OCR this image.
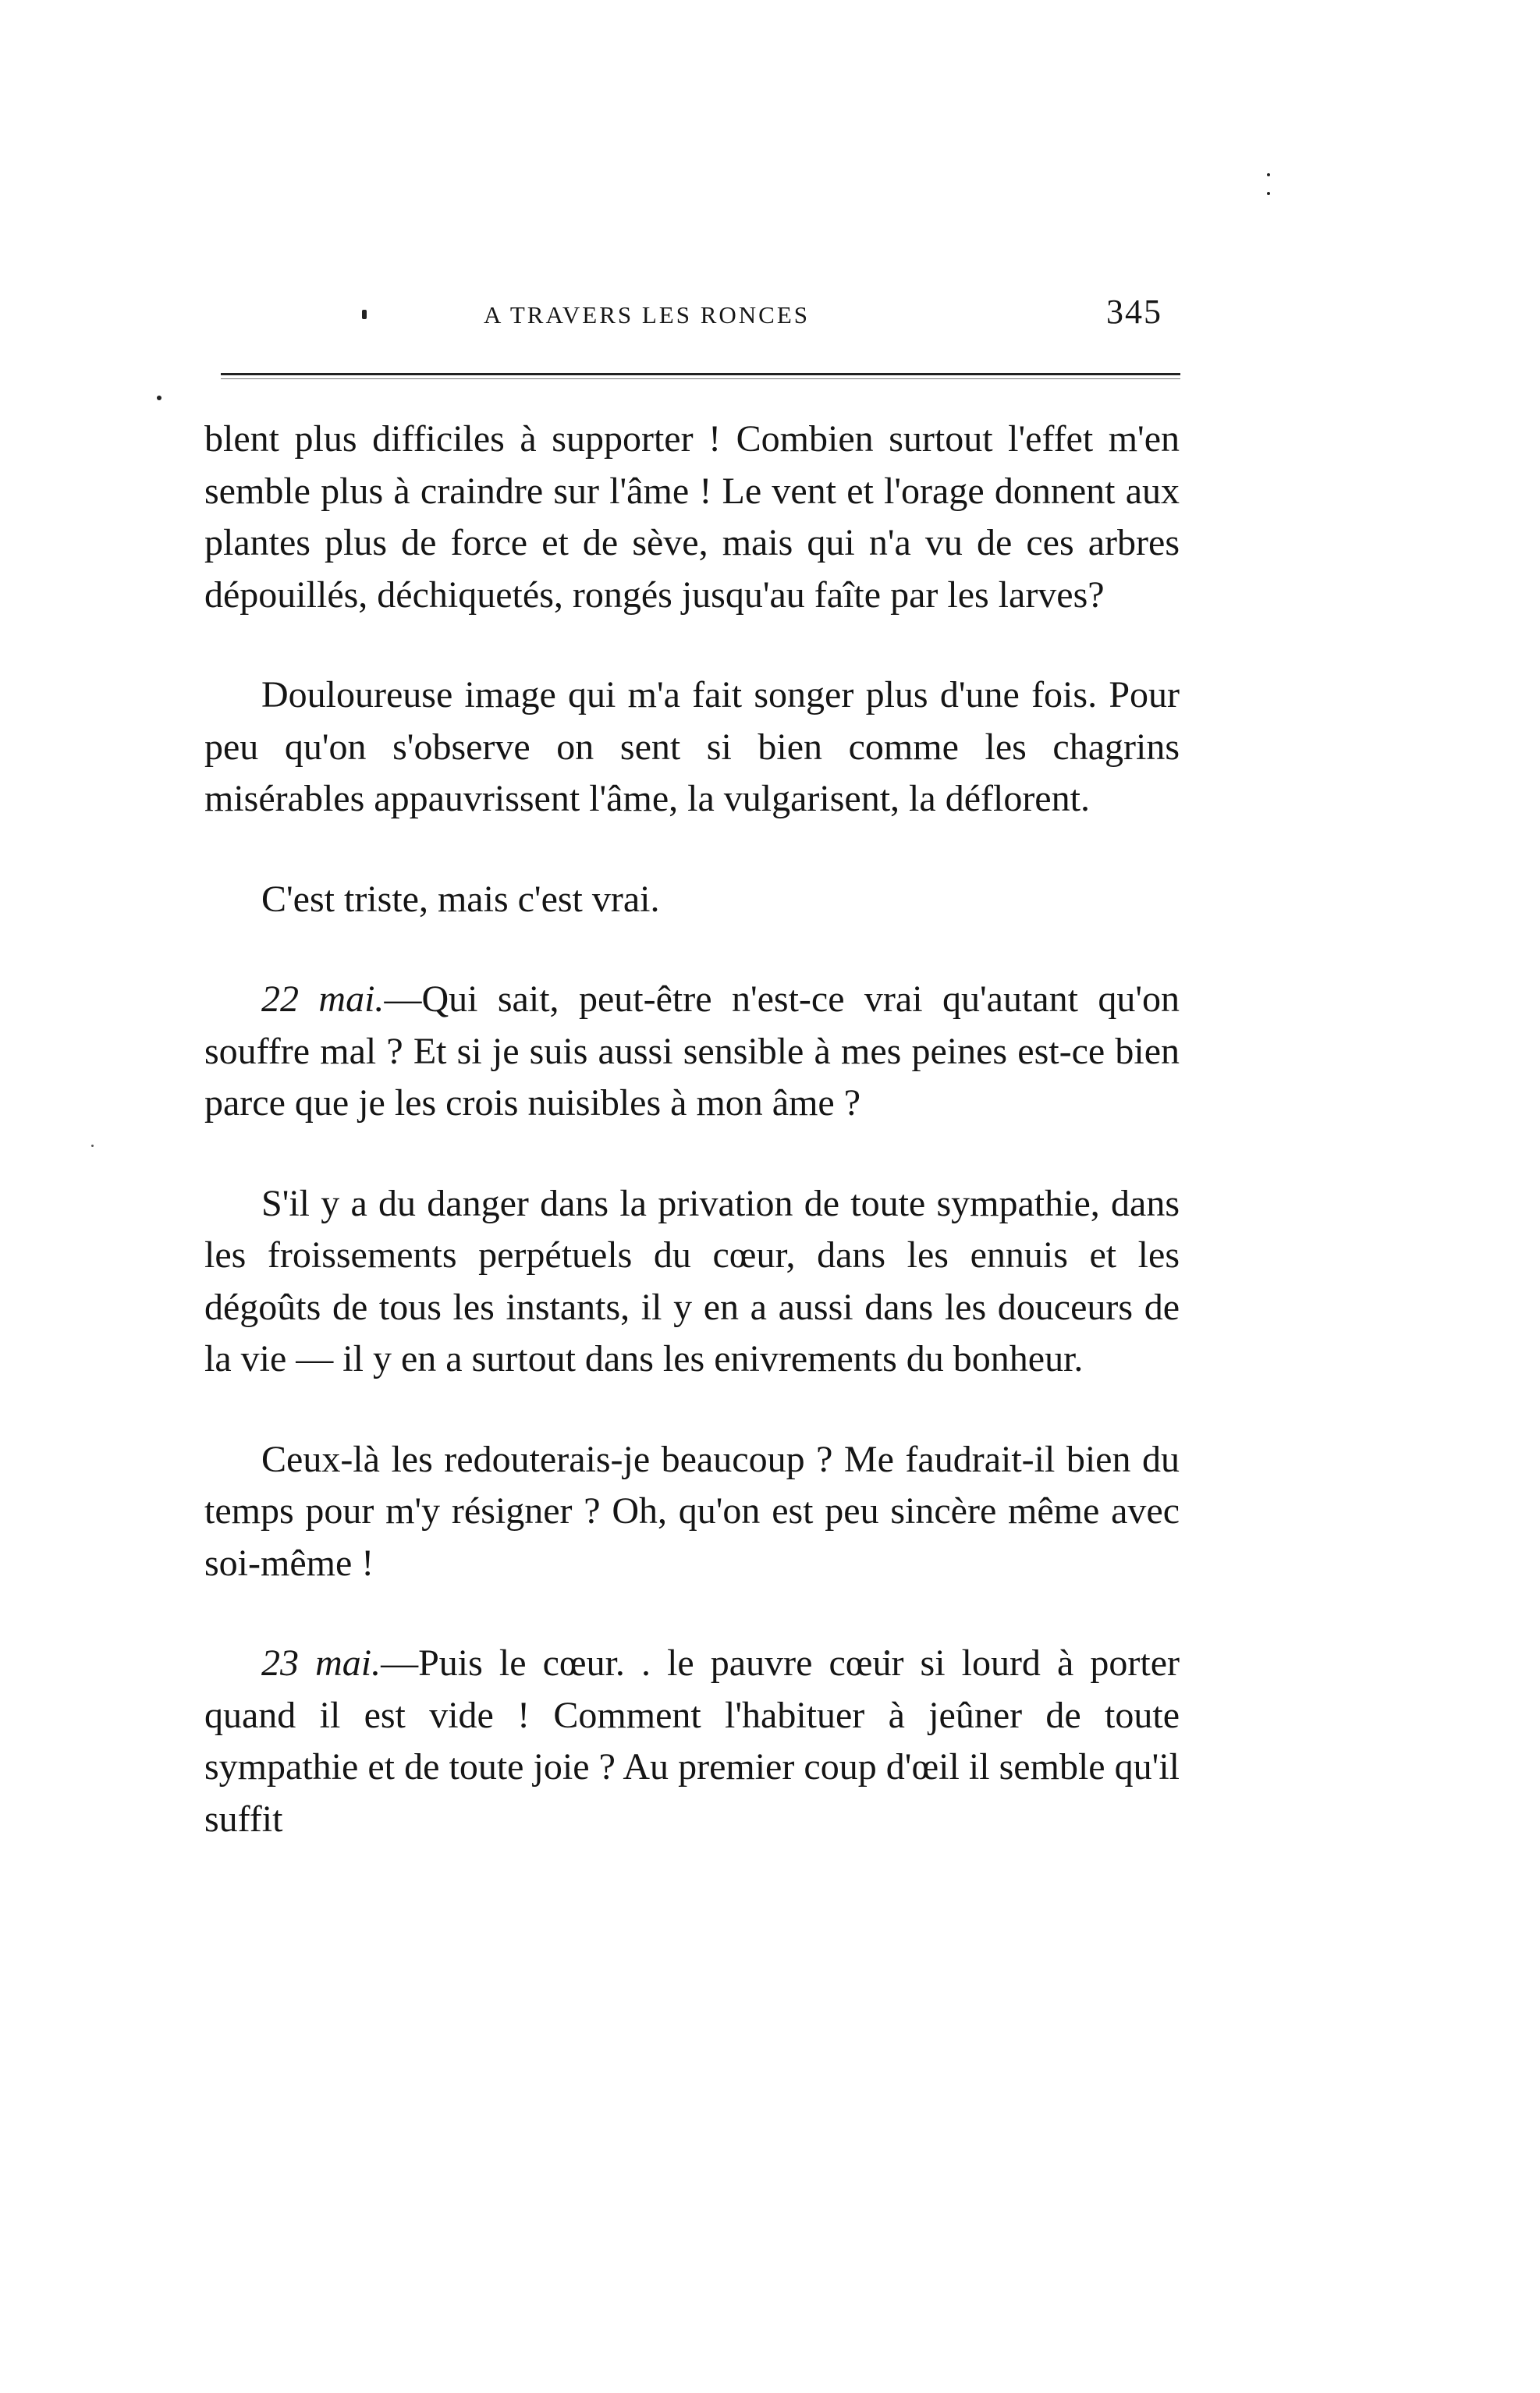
A TRAVERS LES RONCES	345

blent plus difficiles à supporter ! Combien surtout l'effet m'en semble plus à craindre sur l'âme ! Le vent et l'orage donnent aux plantes plus de force et de sève, mais qui n'a vu de ces arbres dépouillés, déchiquetés, rongés jusqu'au faîte par les larves?

Douloureuse image qui m'a fait songer plus d'une fois. Pour peu qu'on s'observe on sent si bien comme les chagrins misérables appauvrissent l'âme, la vulgarisent, la déflorent.

C'est triste, mais c'est vrai.

22 mai.—Qui sait, peut-être n'est-ce vrai qu'autant qu'on souffre mal ? Et si je suis aussi sensible à mes peines est-ce bien parce que je les crois nuisibles à mon âme ?

S'il y a du danger dans la privation de toute sympathie, dans les froissements perpétuels du cœur, dans les ennuis et les dégoûts de tous les instants, il y en a aussi dans les douceurs de la vie — il y en a surtout dans les enivrements du bonheur.

Ceux-là les redouterais-je beaucoup ? Me faudrait-il bien du temps pour m'y résigner ? Oh, qu'on est peu sincère même avec soi-même !

23 mai.—Puis le cœur. . le pauvre cœur si lourd à porter quand il est vide ! Comment l'habituer à jeûner de toute sympathie et de toute joie ? Au premier coup d'œil il semble qu'il suffit
